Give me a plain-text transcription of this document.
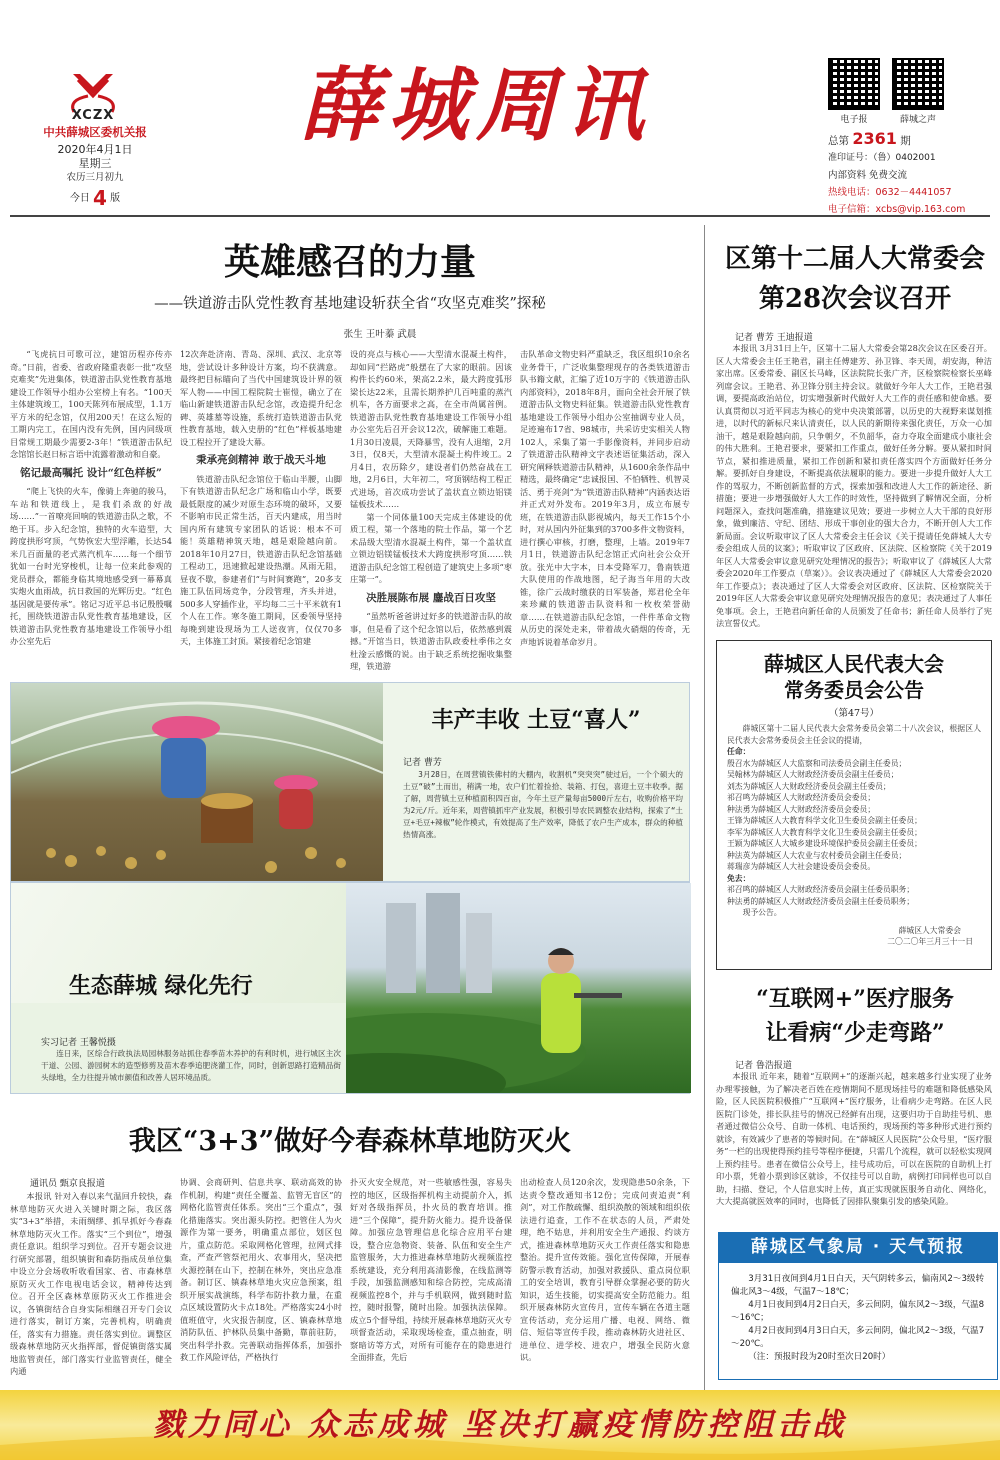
XCZX
中共薛城区委机关报
2020年4月1日
星期三
农历三月初九
今日 4 版
薛城周讯	电子报	薛城之声
总第 2361 期
准印证号：（鲁）0402001
内部资料 免费交流
热线电话：0632－4441057
电子信箱：xcbs@vip.163.com
英雄感召的力量
——铁道游击队党性教育基地建设斩获全省“攻坚克难奖”探秘
张生 王叶蓁 武晨

“飞虎抗日可歌可泣，建馆历程亦传亦奇。”日前，省委、省政府隆重表彰一批“攻坚克难奖”先进集体，铁道游击队党性教育基地建设工作领导小组办公室榜上有名。“100天主体建筑竣工，100天陈列布展成型，1.1万平方米的纪念馆，仅用200天！在这么短的工期内完工，在国内没有先例，国内同级项目常规工期最少需要2-3年！”铁道游击队纪念馆馆长赵日标言语中流露着激动和自豪。

铭记最高嘱托 设计“红色样板”

“爬上飞快的火车，像骑上奔驰的骏马，车站和铁道线上，是我们杀敌的好战场……”一首嘹亮回响的铁道游击队之歌，不绝于耳。步入纪念馆，独特的火车造型，大跨度拱形穹顶，气势恢宏大型浮雕，长达54米几百面量的老式蒸汽机车……每一个细节犹如一台时光穿梭机，让每一位来此参观的党员群众，都能身临其境地感受到一幕幕真实炮火血雨战，抗日救国的光辉历史。“红色基因就是要传承”。铭记习近平总书记殷殷嘱托，围绕铁道游击队党性教育基地建设，区铁道游击队党性教育基地建设工作领导小组办公室先后

12次奔赴济南、青岛、深圳、武汉、北京等地，尝试设计多种设计方案，均不获满意。最终把目标瞄向了当代中国建筑设计界的领军人物——中国工程院院士崔愷，确立了在临山新建铁道游击队纪念馆，改造提升纪念碑、英雄墓等设施，系统打造铁道游击队党性教育基地，载入史册的“红色”样板基地建设工程拉开了建设大幕。

秉承亮剑精神 敢于战天斗地

铁道游击队纪念馆位于临山半腰，山脚下有铁道游击队纪念广场和临山小学，既要最低限度的减少对原生态环境的破坏，又要不影响市民正常生活，百天内建成，用当时国内所有建筑专家团队的话说：根本不可能！英雄精神筑天地，越是艰险越向前。2018年10月27日，铁道游击队纪念馆基础工程动工，迅速掀起建设热潮。风雨无阻，昼夜不歇，参建者们“与时间赛跑”，20多支施工队伍同场竞争，分段管理，齐头并进，500多人穿插作业，平均每二三十平米就有1个人在工作。寒冬施工期间，区委领导坚持每晚到建设现场为工人送夜宵，仅仅70多天，主体施工封顶。紧接着纪念馆建

设的亮点与核心——大型清水混凝土构件，却如同“拦路虎”般摆在了大家的眼前。因该构件长约60米，架高2.2米，最大跨度弧形梁长达22米，且需长期养护几百吨重的蒸汽机车，各方面要求之高，在全市尚属首例。铁道游击队党性教育基地建设工作领导小组办公室先后召开会议12次，破解施工难题。1月30日凌晨，天降暴雪，没有人退缩，2月3日，仅8天，大型清水混凝土构件竣工。2月4日，农历除夕，建设者们仍然奋战在工地，2月6日，大年初二，穹顶钢结构工程正式进场，首次成功尝试了盖状直立锁边铝镁锰板技术……

第一个同体量100天完成主体建设的优质工程，第一个落地的院士作品，第一个艺术品级大型清水混凝土构件，第一个盖状直立锁边铝镁锰板技术大跨度拱形穹顶……铁道游击队纪念馆工程创造了建筑史上多项“枣庄第一”。

决胜展陈布展 鏖战百日攻坚

“虽然听爸爸讲过好多的铁道游击队的故事，但是看了这个纪念馆以后，依然感到震撼。”开馆当日，铁道游击队政委杜季伟之女杜淦云感慨的说。由于缺乏系统挖掘收集整理，铁道游

击队革命文物史料严重缺乏，我区组织10余名业务骨干，广泛收集整理现存的各类铁道游击队书籍文献，汇编了近10万字的《铁道游击队内部资料》，2018年8月，面向全社会开展了铁道游击队文物史料征集。铁道游击队党性教育基地建设工作领导小组办公室抽调专业人员，足迹遍布17省、98城市，共采访史实相关人物102人，采集了第一手影像资料，并同步启动了铁道游击队精神文字表述语征集活动，深入研究阐释铁道游击队精神，从1600余条作品中精选，最终确定“忠诚报国、不怕牺牲、机智灵活、勇于亮剑”为“铁道游击队精神”内涵表达语并正式对外发布。2019年3月，成立布展专班，在铁道游击队影视城内，每天工作15个小时，对从国内外征集到的3700多件文物资料，进行撰心审核，打磨，整理，上墙。2019年7月1日，铁道游击队纪念馆正式向社会公众开放。张光中大字本，日本受降军刀，鲁南铁道大队使用的作战地图，纪子海当年用的大改锥，徐广云战时缴获的日军装备，郑君伦全年来珍藏的铁道游击队资料和一枚枚荣誉勋章……在铁道游击队纪念馆，一件件革命文物从历史的深处走来，带着战火硝烟的传奇，无声地诉说着革命岁月。

区第十二届人大常委会
第28次会议召开
记者 曹芳 王迪报道

本报讯 3月31日上午，区第十二届人大常委会第28次会议在区委召开。区人大常委会主任王艳君，副主任傅建芳、孙卫锋、李天周，胡安海，种洁家出席。区委常委、副区长马峰，区法院院长张广齐，区检察院检察长巫峰列席会议。王艳君、孙卫锋分别主持会议。就做好今年人大工作，王艳君强调，要提高政治站位，切实增强新时代做好人大工作的责任感和使命感。要认真贯彻以习近平同志为核心的党中央决策部署，以历史的大视野来谋划推进，以时代的新标尺来认清责任，以人民的新期待来强化责任，万众一心加油干，越是艰险越向前，只争朝夕，不负韶华，奋力夺取全面建成小康社会的伟大胜利。王艳君要求，要紧扣工作重点，做好任务分解。要从紧扣时间节点，紧扣推进质量，紧扣工作创新和紧扣责任落实四个方面做好任务分解。要抓好自身建设，不断提高依法履职的能力。要进一步提升做好人大工作的驾驭力，不断创新监督的方式，探索加强和改进人大工作的新途径、新措施；要进一步增强做好人大工作的时效性，坚持做到了解情况全面，分析问题深入，查找问题准确，措施建议见效；要进一步树立人大干部的良好形象，做到廉洁、守纪、团结、形成干事创业的强大合力，不断开创人大工作新局面。会议听取审议了区人大常委会主任会议《关于提请任免薛城人大专委会组成人员的议案》；听取审议了区政府、区法院、区检察院《关于2019年区人大常委会审议意见研究处理情况的报告》；听取审议了《薛城区人大常委会2020年工作要点（草案）》。会议表决通过了《薛城区人大常委会2020年工作要点》；表决通过了区人大常委会对区政府、区法院、区检察院关于2019年区人大常委会审议意见研究处理情况报告的意见；表决通过了人事任免事项。会上，王艳君向新任命的人员颁发了任命书；新任命人员举行了宪法宣誓仪式。

薛城区人民代表大会
常务委员会公告
（第47号）

薛城区第十二届人民代表大会常务委员会第二十八次会议，根据区人民代表大会常务委员会主任会议的提请，

任命：
殷召水为薛城区人大监察和司法委员会副主任委员；
吴翰林为薛城区人大财政经济委员会副主任委员；
刘杰为薛城区人大财政经济委员会副主任委员；
祁召鸣为薛城区人大财政经济委员会委员；
种法勇为薛城区人大财政经济委员会委员；
王锋为薛城区人大教育科学文化卫生委员会副主任委员；
李军为薛城区人大教育科学文化卫生委员会副主任委员；
王颖为薛城区人大城乡建设环境保护委员会副主任委员；
种法英为薛城区人大农业与农村委员会副主任委员；
蒋瑞彦为薛城区人大社会建设委员会委员。
免去：
祁召鸣的薛城区人大财政经济委员会副主任委员职务；
种法勇的薛城区人大财政经济委员会副主任委员职务；
现予公告。
薛城区人大常委会
二〇二〇年三月三十一日
丰产丰收 土豆“喜人”
记者 曹芳

3月28日，在周营镇铁佛村的大棚内，收割机“突突突”驶过后，一个个硕大的土豆“破”土而出，稍满一地，农户们忙着捡拾、装箱、打包，喜迎土豆丰收季。据了解，周营镇土豆种植面积四百亩，今年土豆产量每亩5000斤左右，收购价格平均为2元/斤。近年来，周营镇抓牢产业发展，积极引导农民调整农业结构，探索了“土豆+毛豆+辣椒”轮作模式，有效提高了生产效率，降低了农户生产成本，群众的种植热情高涨。

生态薛城 绿化先行
实习记者 王馨悦摄

连日来，区综合行政执法局园林服务站抓住春季苗木养护的有利时机，进行城区主次干道、公园、游园树木的造型修剪及苗木春季追肥浇灌工作，同时，创新思路打造精品街头绿地，全力往提升城市颜值和改善人居环境品质。

我区“3+3”做好今春森林草地防灭火
通讯员 甄京良报道

本报讯 针对入春以来气温回升较快，森林草地防灭火进入关键时期之际，我区落实“3+3”举措，未雨绸缪、抓早抓好今春森林草地防灭火工作。落实“三个到位”，增强责任意识。组织学习到位。召开专题会议进行研究部署，组织镇街和森防指成员单位集中设立分会场收听收看国家、省、市森林草原防灭火工作电视电话会议，精神传达到位。召开全区森林草原防灭火工作推进会议，各镇街结合自身实际相继召开专门会议进行落实，制订方案，完善机构，明确责任，落实有力措施。责任落实到位。调整区级森林草地防灭火指挥部，督促镇街落实属地监管责任，部门落实行业监管责任，健全内通

协调、会商研判、信息共享、联动高效的协作机制，构建“责任全覆盖、监管无盲区”的网格化监管责任体系。突出“三个重点”，强化措施落实。突出源头防控。把管住人为火源作为第一要务，明确重点部位，划区包片，重点防范。采取网格化管理，拉网式排查，严查严管祭祀用火、农事用火，坚决把火源控制在山下，控制在林外，突出应急准备。制订区、镇森林草地火灾应急预案，组织开展实战演练，科学布防扑救力量，在重点区域设置防火卡点18处。严格落实24小时值班值守，火灾报告制度，区、镇森林草地消防队伍、护林队员集中备勤，靠前驻防，突出科学扑救。完善联动指挥体系，加强扑救工作风险评估，严格执行

扑灭火安全规范，对一些敏感性强，容易失控的地区，区级指挥机构主动提前介入，抓好对各级指挥员，扑火员的教育培训。推进“三个保障”，提升防火能力。提升设备保障。加强应急管理信息化综合应用平台建设，整合应急物资、装备、队伍和安全生产监管服务，大力推进森林草地防火视频监控系统建设，充分利用高清影像，在线监测等手段，加强监测感知和综合防控，完成高清视频监控8个，并与手机联网，做到随时监控，随时报警，随时出险。加强执法保障。成立5个督导组，持续开展森林草地防灭火专项督查活动，采取现场检查，重点抽查，明察暗访等方式，对所有可能存在的隐患进行全面排查，先后

出动检查人员120余次，发现隐患50余条，下达责令整改通知书12份；完成问责追责“利剑”，对工作散疏懈、组织涣散的领域和组织依法进行追查，工作不在状态的人员，严肃处理，绝不姑息，并利用安全生产通报、约谈方式，推进森林草地防灭火工作责任落实和隐患整治。提升宣传效能。强化宣传保障，开展春防警示教育活动，加强对救援队、重点岗位职工的安全培训，教育引导群众掌握必要的防火知识，适生技能，切实提高安全防范能力。组织开展森林防火宣传月，宣传车辆在各道主题宣传活动，充分运用广播、电视、网络、微信、短信等宣传手段，推动森林防火进社区、进单位、进学校、进农户，增强全民防火意识。

“互联网+”医疗服务
让看病“少走弯路”
记者 鲁浩报道

本报讯 近年来，随着“互联网+”的逐渐兴起，越来越多行业实现了业务办理零接触，为了解决老百姓在疫情期间不愿现场挂号的难题和降低感染风险，区人民医院积极推广“互联网+”医疗服务，让看病少走弯路。在区人民医院门诊处，排长队挂号的情况已经鲜有出现，这要归功于自助挂号机、患者通过微信公众号、自助一体机、电话预约，现场预约等多种形式进行预约就诊，有效减少了患者的等候时间。在“薛城区人民医院”公众号里，“医疗服务”一栏的出现使得预约挂号等程序便捷，只需几个流程，就可以轻松实现网上预约挂号。患者在微信公众号上，挂号成功后，可以在医院的自助机上打印小票，凭着小票到诊区就诊，不仅挂号可以自助，病例打印同样也可以自助，扫描、登记，个人信息实时上传，真正实现就医服务自动化、网络化，大大提高就医效率的同时，也降低了因排队聚集引发的感染风险。

薛城区气象局 · 天气预报
3月31日夜间到4月1日白天，天气阴转多云，偏南风2～3级转偏北风3～4级，气温7～18℃；
4月1日夜间到4月2日白天，多云间阴，偏东风2～3级，气温8～16℃；
4月2日夜间到4月3日白天，多云间阴，偏北风2～3级，气温7～20℃。
（注：预报时段为20时至次日20时）
戮力同心 众志成城 坚决打赢疫情防控阻击战
